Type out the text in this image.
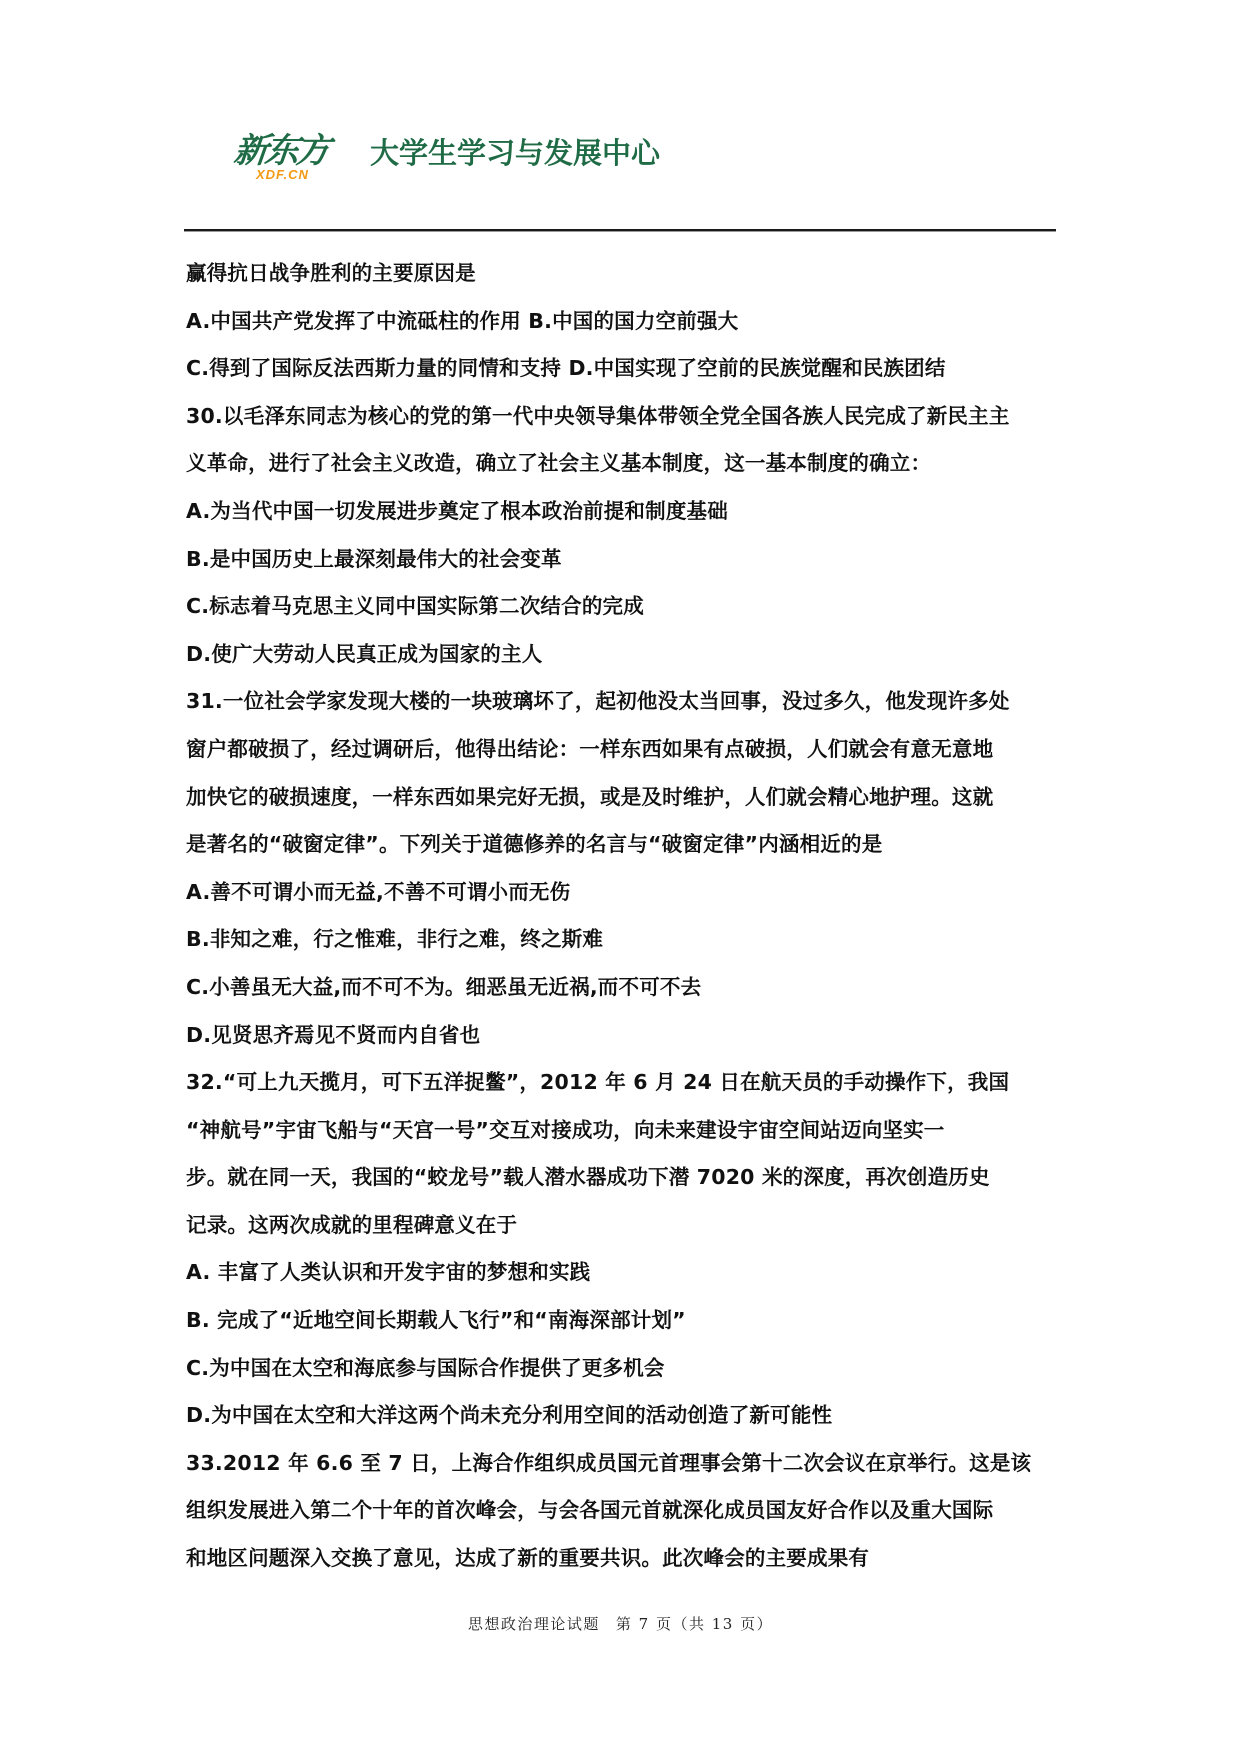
新东方
XDF.CN
大学生学习与发展中心
赢得抗日战争胜利的主要原因是
A.中国共产党发挥了中流砥柱的作用 B.中国的国力空前强大
C.得到了国际反法西斯力量的同情和支持 D.中国实现了空前的民族觉醒和民族团结
30.以毛泽东同志为核心的党的第一代中央领导集体带领全党全国各族人民完成了新民主主
义革命，进行了社会主义改造，确立了社会主义基本制度，这一基本制度的确立：
A.为当代中国一切发展进步奠定了根本政治前提和制度基础
B.是中国历史上最深刻最伟大的社会变革
C.标志着马克思主义同中国实际第二次结合的完成
D.使广大劳动人民真正成为国家的主人
31.一位社会学家发现大楼的一块玻璃坏了，起初他没太当回事，没过多久，他发现许多处
窗户都破损了，经过调研后，他得出结论：一样东西如果有点破损，人们就会有意无意地
加快它的破损速度，一样东西如果完好无损，或是及时维护，人们就会精心地护理。这就
是著名的“破窗定律”。下列关于道德修养的名言与“破窗定律”内涵相近的是
A.善不可谓小而无益,不善不可谓小而无伤
B.非知之难，行之惟难，非行之难，终之斯难
C.小善虽无大益,而不可不为。细恶虽无近祸,而不可不去
D.见贤思齐焉见不贤而内自省也
32.“可上九天揽月，可下五洋捉鳖”，2012 年 6 月 24 日在航天员的手动操作下，我国
“神航号”宇宙飞船与“天宫一号”交互对接成功，向未来建设宇宙空间站迈向坚实一
步。就在同一天，我国的“蛟龙号”载人潜水器成功下潜 7020 米的深度，再次创造历史
记录。这两次成就的里程碑意义在于
A. 丰富了人类认识和开发宇宙的梦想和实践
B. 完成了“近地空间长期载人飞行”和“南海深部计划”
C.为中国在太空和海底参与国际合作提供了更多机会
D.为中国在太空和大洋这两个尚未充分利用空间的活动创造了新可能性
33.2012 年 6.6 至 7 日，上海合作组织成员国元首理事会第十二次会议在京举行。这是该
组织发展进入第二个十年的首次峰会，与会各国元首就深化成员国友好合作以及重大国际
和地区问题深入交换了意见，达成了新的重要共识。此次峰会的主要成果有
思想政治理论试题 第 7 页（共 13 页）
